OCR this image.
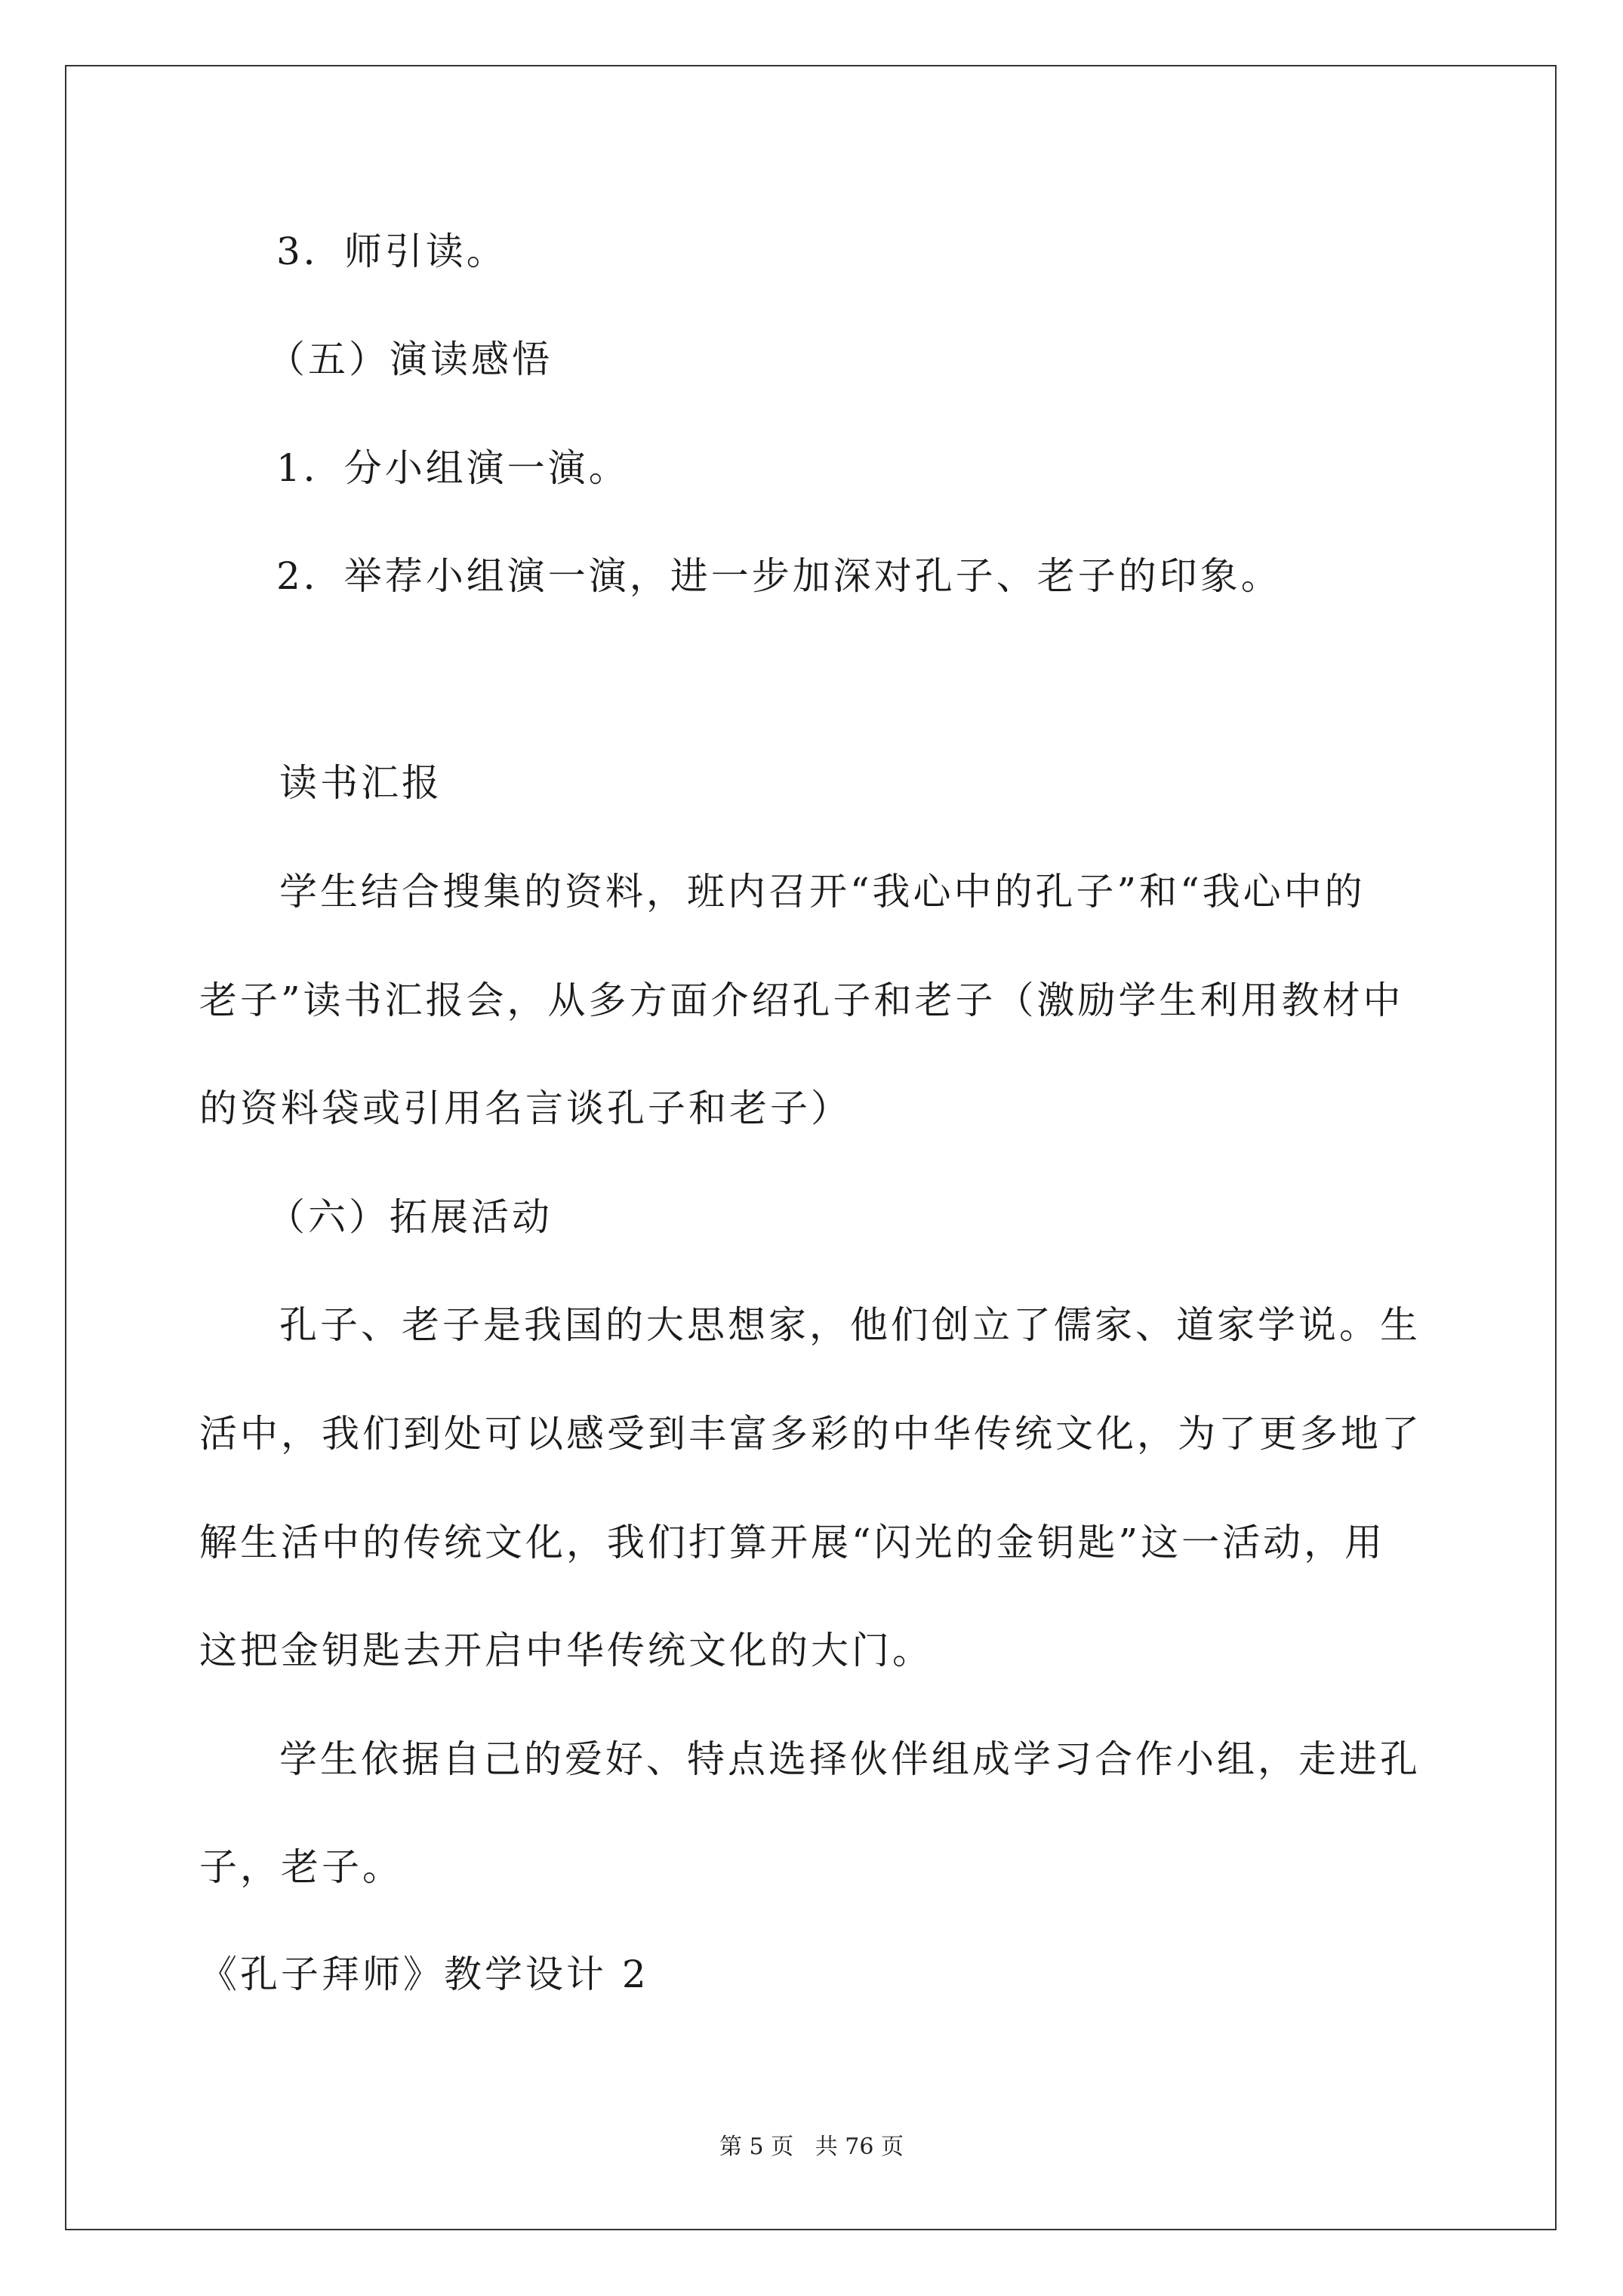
3．师引读。
（五）演读感悟
1．分小组演一演。
2．举荐小组演一演，进一步加深对孔子、老子的印象。
读书汇报
学生结合搜集的资料，班内召开“我心中的孔子”和“我心中的
老子”读书汇报会，从多方面介绍孔子和老子（激励学生利用教材中
的资料袋或引用名言谈孔子和老子）
（六）拓展活动
孔子、老子是我国的大思想家，他们创立了儒家、道家学说。生
活中，我们到处可以感受到丰富多彩的中华传统文化，为了更多地了
解生活中的传统文化，我们打算开展“闪光的金钥匙”这一活动，用
这把金钥匙去开启中华传统文化的大门。
学生依据自己的爱好、特点选择伙伴组成学习合作小组，走进孔
子，老子。
《孔子拜师》教学设计 2
第 5 页   共 76 页
